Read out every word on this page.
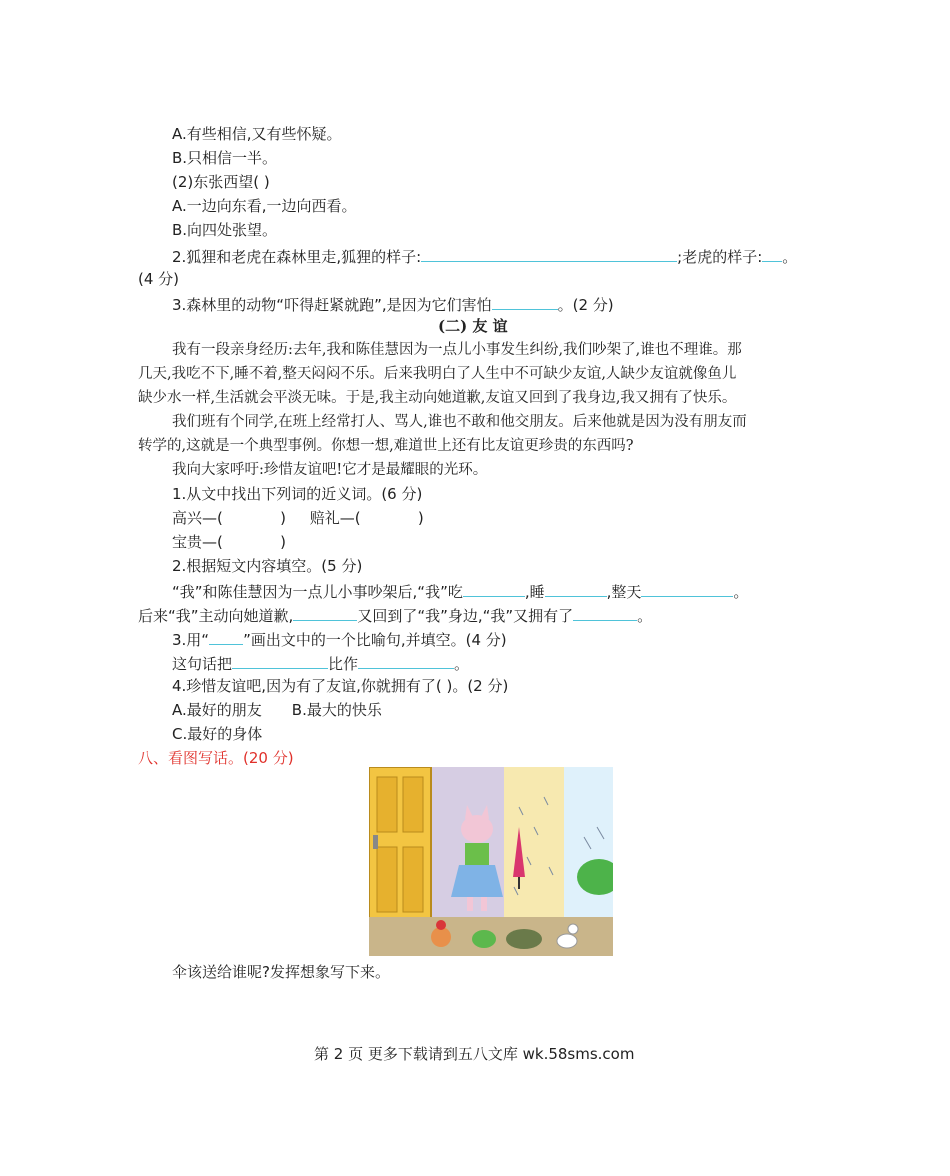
A.有些相信,又有些怀疑。
B.只相信一半。
(2)东张西望( )
A.一边向东看,一边向西看。
B.向四处张望。
2.狐狸和老虎在森林里走,狐狸的样子:	;老虎的样子: 。
(4 分)
3.森林里的动物“吓得赶紧就跑”,是因为它们害怕	。(2 分)
(二) 友 谊
我有一段亲身经历:去年,我和陈佳慧因为一点儿小事发生纠纷,我们吵架了,谁也不理谁。那
几天,我吃不下,睡不着,整天闷闷不乐。后来我明白了人生中不可缺少友谊,人缺少友谊就像鱼儿
缺少水一样,生活就会平淡无味。于是,我主动向她道歉,友谊又回到了我身边,我又拥有了快乐。
我们班有个同学,在班上经常打人、骂人,谁也不敢和他交朋友。后来他就是因为没有朋友而
转学的,这就是一个典型事例。你想一想,难道世上还有比友谊更珍贵的东西吗?
我向大家呼吁:珍惜友谊吧!它才是最耀眼的光环。
1.从文中找出下列词的近义词。(6 分)
高兴—(            )     赔礼—(            )
宝贵—(            )
2.根据短文内容填空。(5 分)
“我”和陈佳慧因为一点儿小事吵架后,“我”吃	,睡	,整天	。
后来“我”主动向她道歉,	又回到了“我”身边,“我”又拥有了	。
3.用“ ”画出文中的一个比喻句,并填空。(4 分)
这句话把	比作	。
4.珍惜友谊吧,因为有了友谊,你就拥有了( )。(2 分)
A.最好的朋友 B.最大的快乐
C.最好的身体
八、看图写话。(20 分)
伞该送给谁呢?发挥想象写下来。
第 2 页 更多下载请到五八文库 wk.58sms.com
